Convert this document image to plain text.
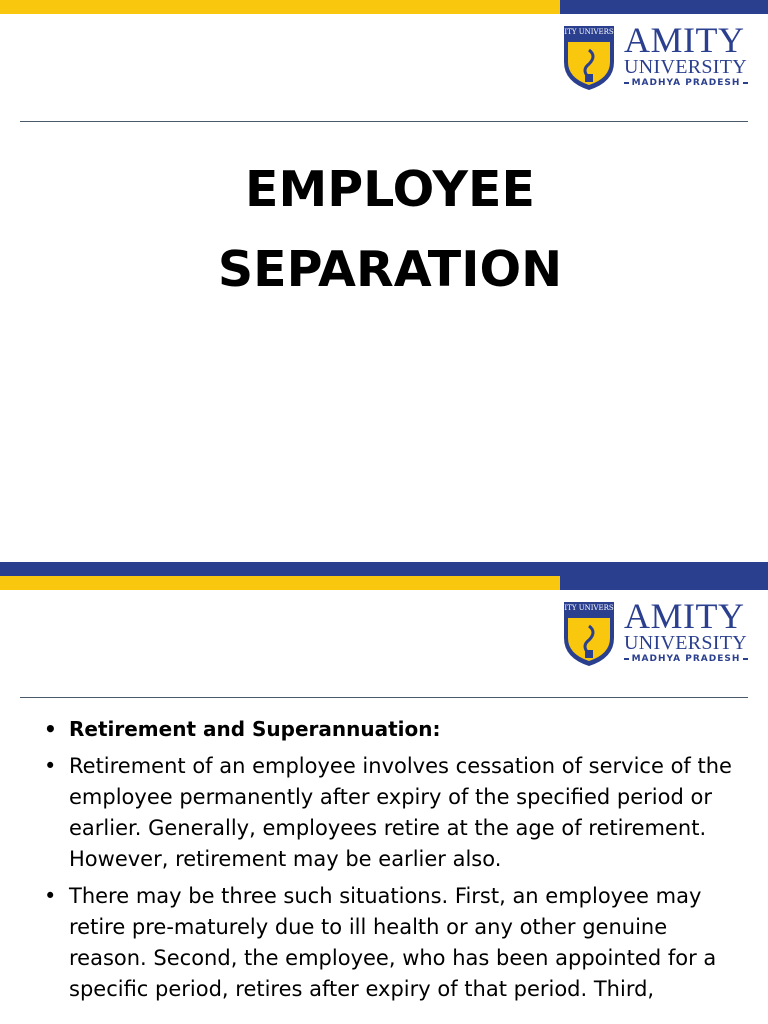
AMITY UNIVERSITY
AMITY
UNIVERSITY
MADHYA PRADESH
EMPLOYEE
SEPARATION
AMITY UNIVERSITY
AMITY
UNIVERSITY
MADHYA PRADESH
• Retirement and Superannuation:
• Retirement of an employee involves cessation of service of the employee permanently after expiry of the specified period or earlier. Generally, employees retire at the age of retirement. However, retirement may be earlier also.
• There may be three such situations. First, an employee may retire pre-maturely due to ill health or any other genuine reason. Second, the employee, who has been appointed for a specific period, retires after expiry of that period. Third,
